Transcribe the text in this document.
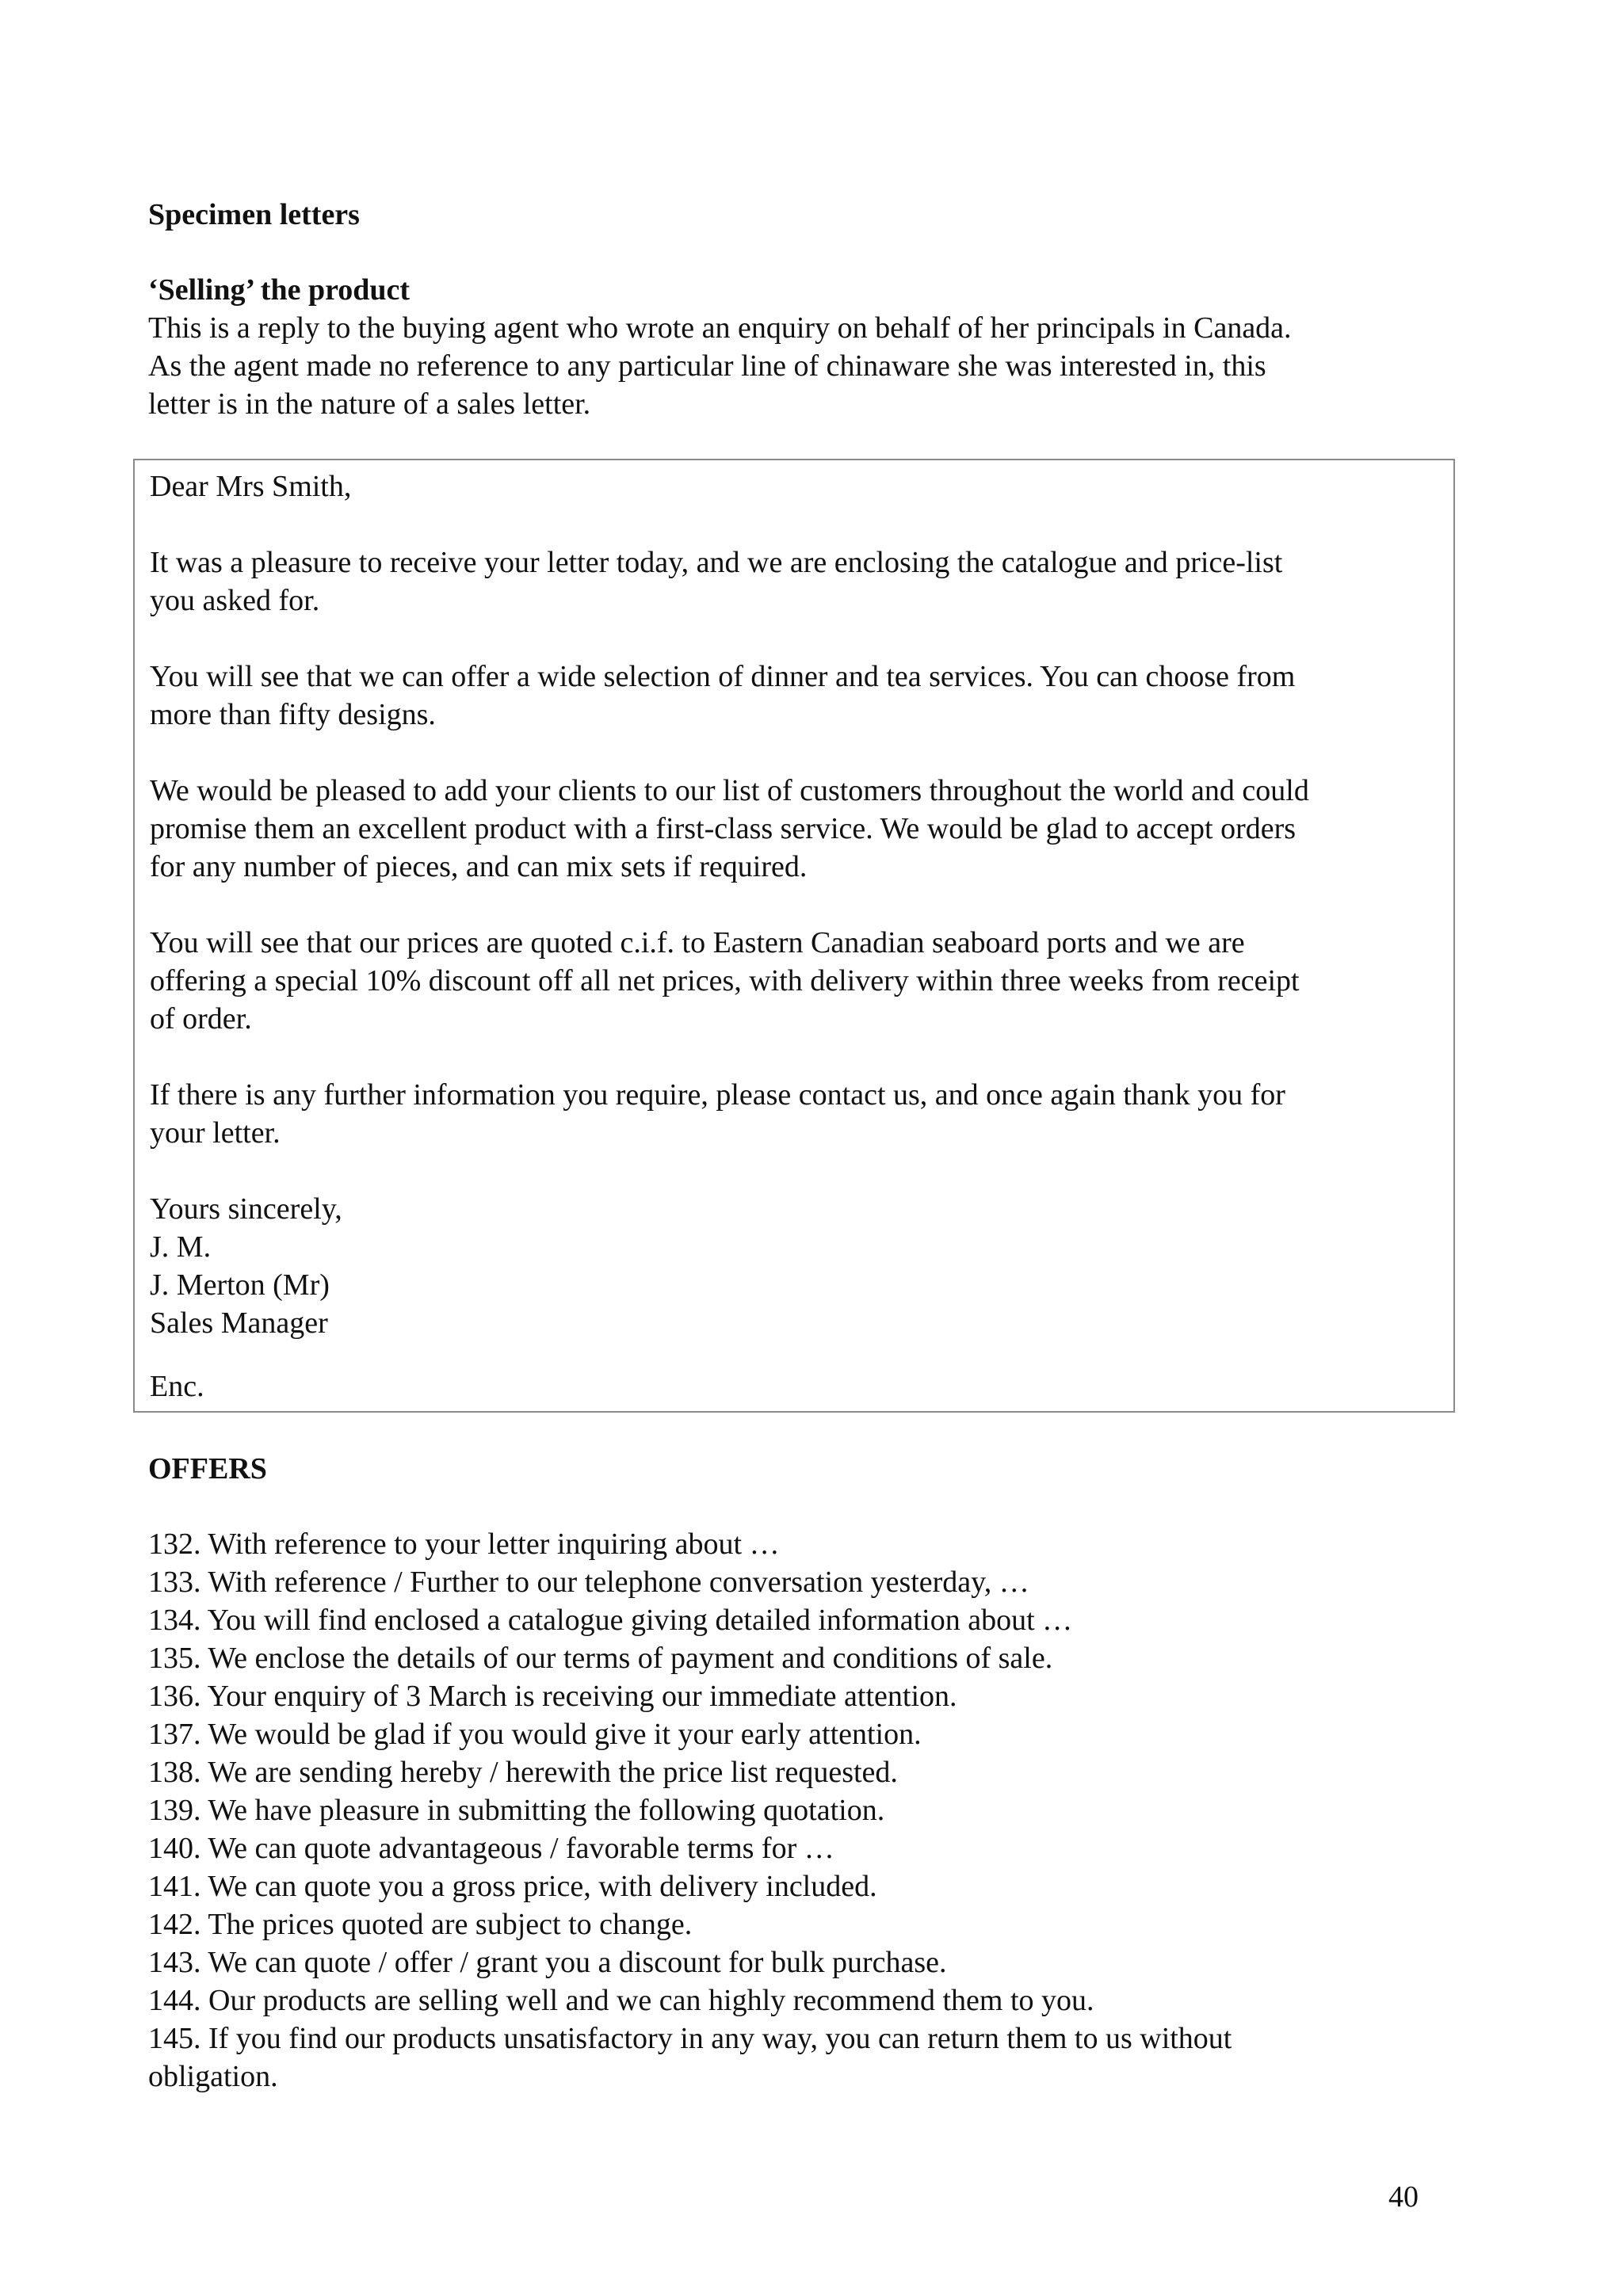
Specimen letters
‘Selling’ the product
This is a reply to the buying agent who wrote an enquiry on behalf of her principals in Canada.
As the agent made no reference to any particular line of chinaware she was interested in, this
letter is in the nature of a sales letter.
Dear Mrs Smith,
It was a pleasure to receive your letter today, and we are enclosing the catalogue and price-list
you asked for.
You will see that we can offer a wide selection of dinner and tea services. You can choose from
more than fifty designs.
We would be pleased to add your clients to our list of customers throughout the world and could
promise them an excellent product with a first-class service. We would be glad to accept orders
for any number of pieces, and can mix sets if required.
You will see that our prices are quoted c.i.f. to Eastern Canadian seaboard ports and we are
offering a special 10% discount off all net prices, with delivery within three weeks from receipt
of order.
If there is any further information you require, please contact us, and once again thank you for
your letter.
Yours sincerely,
J. M.
J. Merton (Mr)
Sales Manager
Enc.
OFFERS
132. With reference to your letter inquiring about …
133. With reference / Further to our telephone conversation yesterday, …
134. You will find enclosed a catalogue giving detailed information about …
135. We enclose the details of our terms of payment and conditions of sale.
136. Your enquiry of 3 March is receiving our immediate attention.
137. We would be glad if you would give it your early attention.
138. We are sending hereby / herewith the price list requested.
139. We have pleasure in submitting the following quotation.
140. We can quote advantageous / favorable terms for …
141. We can quote you a gross price, with delivery included.
142. The prices quoted are subject to change.
143. We can quote / offer / grant you a discount for bulk purchase.
144. Our products are selling well and we can highly recommend them to you.
145. If you find our products unsatisfactory in any way, you can return them to us without
obligation.
40
